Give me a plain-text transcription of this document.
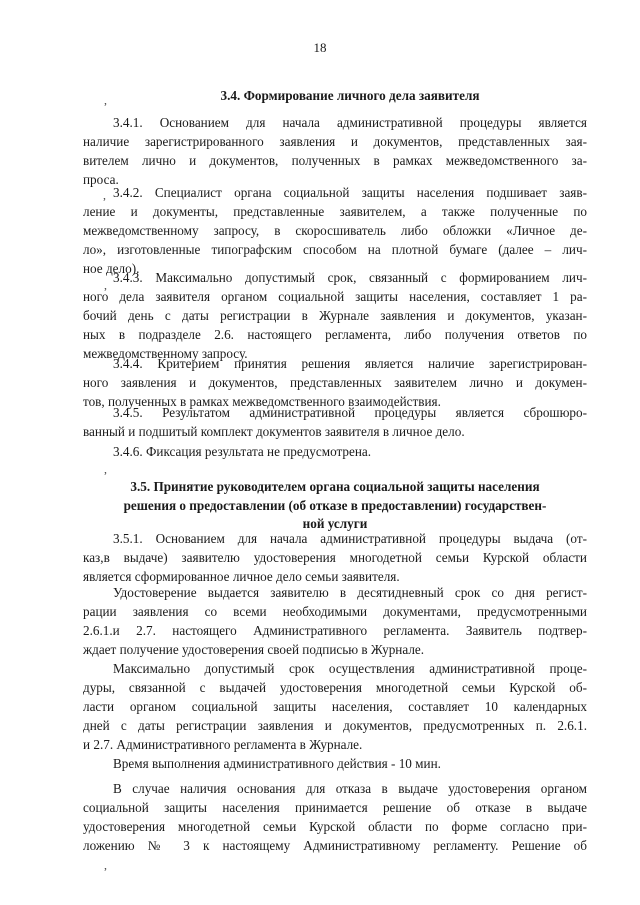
18
3.4. Формирование личного дела заявителя
,
3.4.1. Основанием для начала административной процедуры является
наличие зарегистрированного заявления и документов, представленных зая-
вителем лично и документов, полученных в рамках межведомственного за-
проса.
, 3.4.2. Специалист органа социальной защиты населения подшивает заяв-
ление и документы, представленные заявителем, а также полученные по
межведомственному запросу, в скоросшиватель либо обложки «Личное де-
ло», изготовленные типографским способом на плотной бумаге (далее – лич-
ное дело).
, 3.4.3. Максимально допустимый срок, связанный с формированием лич-
ного дела заявителя органом социальной защиты населения, составляет 1 ра-
бочий день с даты регистрации в Журнале заявления и документов, указан-
ных в подразделе 2.6. настоящего регламента, либо получения ответов по
межведомственному запросу.
3.4.4. Критерием принятия решения является наличие зарегистрирован-
ного заявления и документов, представленных заявителем лично и докумен-
тов, полученных в рамках межведомственного взаимодействия.
3.4.5. Результатом административной процедуры является сброшюро-
ванный и подшитый комплект документов заявителя в личное дело.
3.4.6. Фиксация результата не предусмотрена.
,
3.5. Принятие руководителем органа социальной защиты населения
решения о предоставлении (об отказе в предоставлении) государствен-
ной услуги
3.5.1. Основанием для начала административной процедуры выдача (от-
каз,в выдаче) заявителю удостоверения многодетной семьи Курской области
является сформированное личное дело семьи заявителя.
Удостоверение выдается заявителю в десятидневный срок со дня регист-
рации заявления со всеми необходимыми документами, предусмотренными
2.6.1.и 2.7. настоящего Административного регламента. Заявитель подтвер-
ждает получение удостоверения своей подписью в Журнале.
Максимально допустимый срок осуществления административной проце-
дуры, связанной с выдачей удостоверения многодетной семьи Курской об-
ласти органом социальной защиты населения, составляет 10 календарных
дней с даты регистрации заявления и документов, предусмотренных п. 2.6.1.
и 2.7. Административного регламента в Журнале.
Время выполнения административного действия - 10 мин.
В случае наличия основания для отказа в выдаче удостоверения органом
социальной защиты населения принимается решение об отказе в выдаче
удостоверения многодетной семьи Курской области по форме согласно при-
ложению № 3 к настоящему Административному регламенту. Решение об
,
